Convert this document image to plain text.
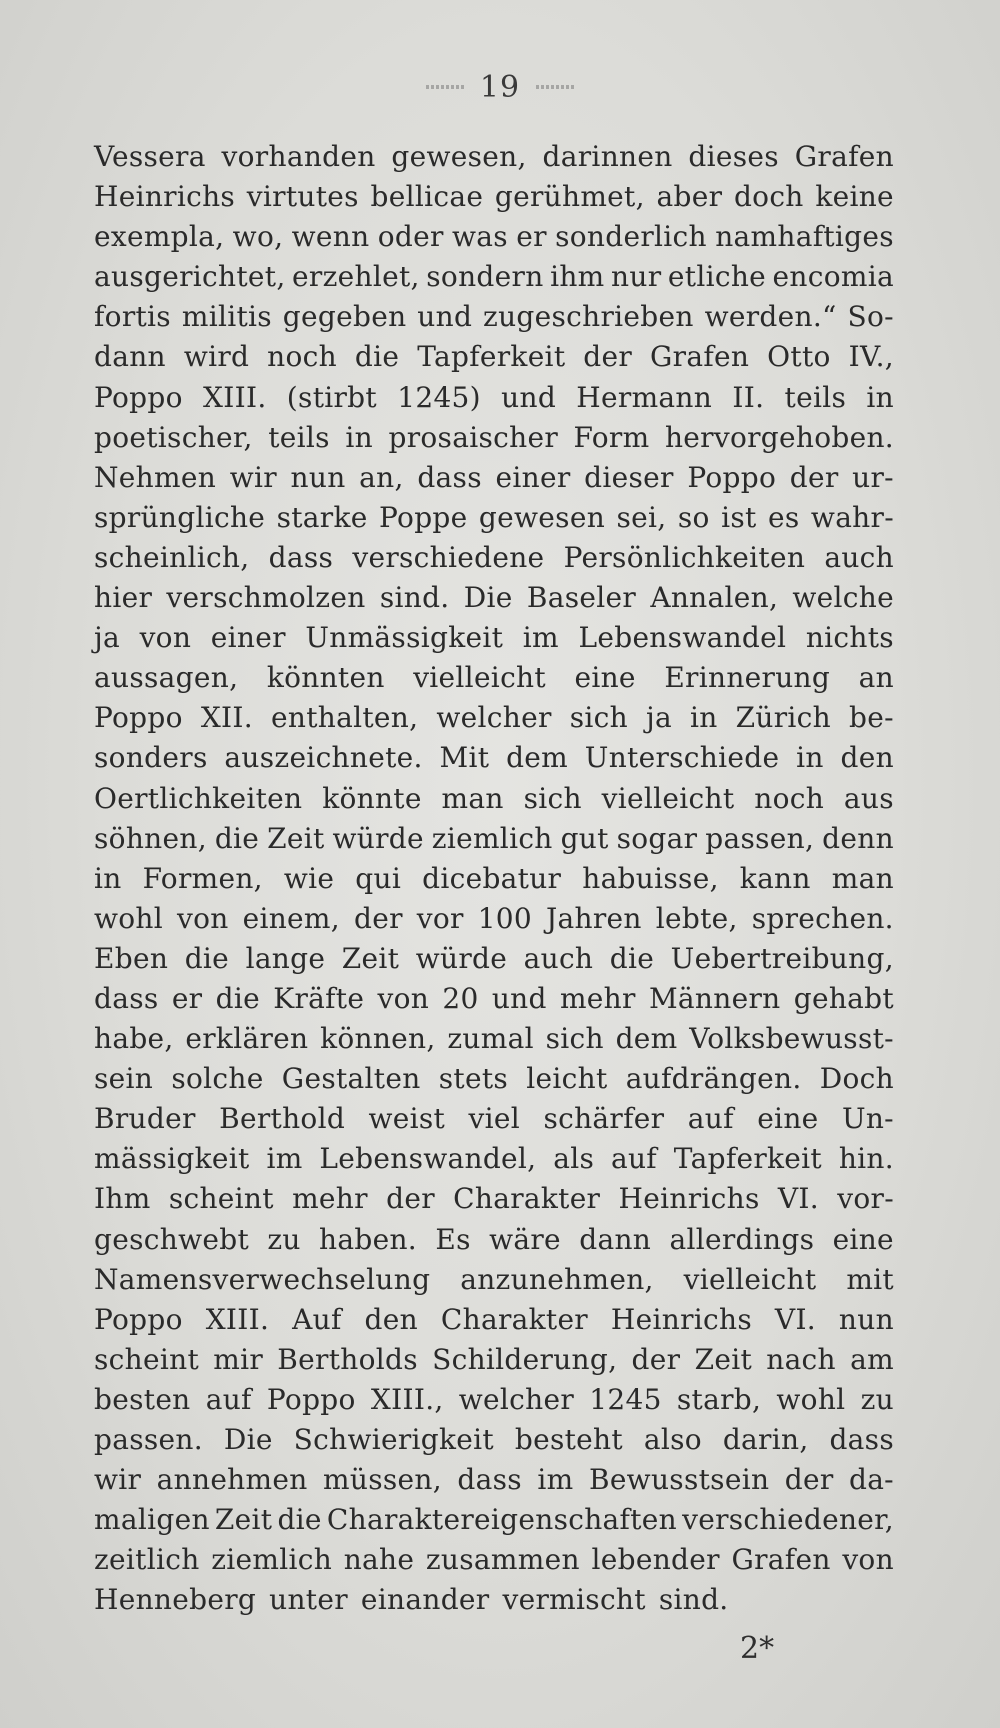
19
Vessera vorhanden gewesen, darinnen dieses Grafen
Heinrichs virtutes bellicae gerühmet, aber doch keine
exempla, wo, wenn oder was er sonderlich namhaftiges
ausgerichtet, erzehlet, sondern ihm nur etliche encomia
fortis militis gegeben und zugeschrieben werden.“ So-
dann wird noch die Tapferkeit der Grafen Otto IV.,
Poppo XIII. (stirbt 1245) und Hermann II. teils in
poetischer, teils in prosaischer Form hervorgehoben.
Nehmen wir nun an, dass einer dieser Poppo der ur-
sprüngliche starke Poppe gewesen sei, so ist es wahr-
scheinlich, dass verschiedene Persönlichkeiten auch
hier verschmolzen sind. Die Baseler Annalen, welche
ja von einer Unmässigkeit im Lebenswandel nichts
aussagen, könnten vielleicht eine Erinnerung an
Poppo XII. enthalten, welcher sich ja in Zürich be-
sonders auszeichnete. Mit dem Unterschiede in den
Oertlichkeiten könnte man sich vielleicht noch aus
söhnen, die Zeit würde ziemlich gut sogar passen, denn
in Formen, wie qui dicebatur habuisse, kann man
wohl von einem, der vor 100 Jahren lebte, sprechen.
Eben die lange Zeit würde auch die Uebertreibung,
dass er die Kräfte von 20 und mehr Männern gehabt
habe, erklären können, zumal sich dem Volksbewusst-
sein solche Gestalten stets leicht aufdrängen. Doch
Bruder Berthold weist viel schärfer auf eine Un-
mässigkeit im Lebenswandel, als auf Tapferkeit hin.
Ihm scheint mehr der Charakter Heinrichs VI. vor-
geschwebt zu haben. Es wäre dann allerdings eine
Namensverwechselung anzunehmen, vielleicht mit
Poppo XIII. Auf den Charakter Heinrichs VI. nun
scheint mir Bertholds Schilderung, der Zeit nach am
besten auf Poppo XIII., welcher 1245 starb, wohl zu
passen. Die Schwierigkeit besteht also darin, dass
wir annehmen müssen, dass im Bewusstsein der da-
maligen Zeit die Charaktereigenschaften verschiedener,
zeitlich ziemlich nahe zusammen lebender Grafen von
Henneberg unter einander vermischt sind.
2*
